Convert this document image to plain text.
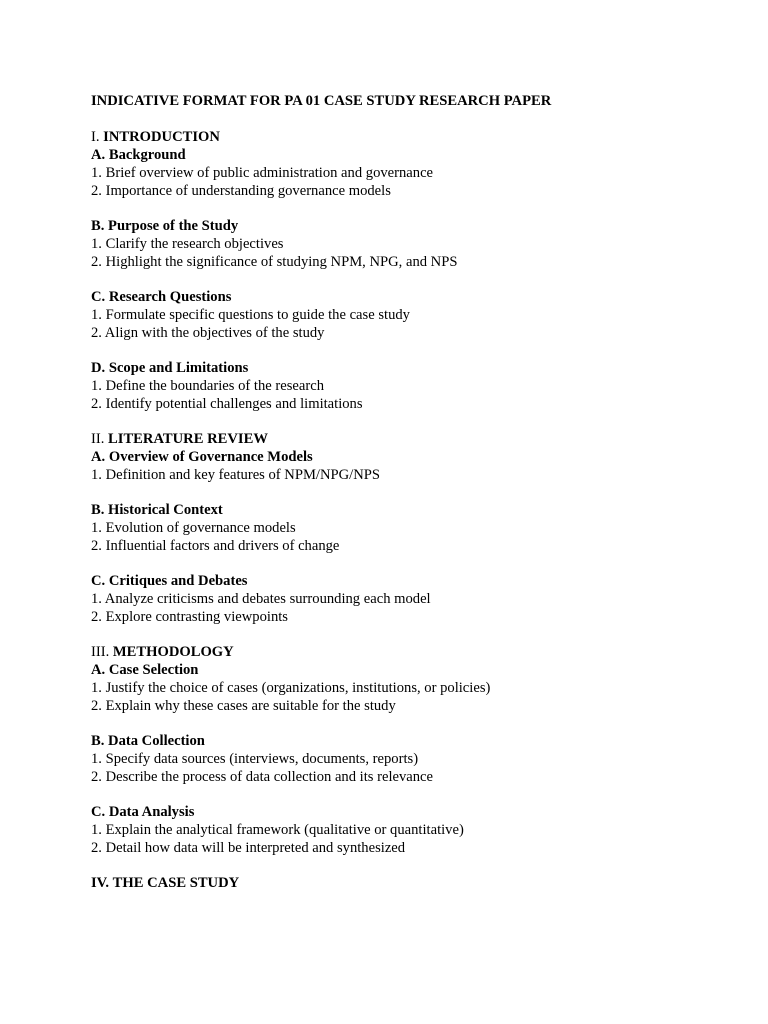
INDICATIVE FORMAT FOR PA 01 CASE STUDY RESEARCH PAPER
I. INTRODUCTION
A. Background
1. Brief overview of public administration and governance
2. Importance of understanding governance models
B. Purpose of the Study
1. Clarify the research objectives
2. Highlight the significance of studying NPM, NPG, and NPS
C. Research Questions
1. Formulate specific questions to guide the case study
2. Align with the objectives of the study
D. Scope and Limitations
1. Define the boundaries of the research
2. Identify potential challenges and limitations
II. LITERATURE REVIEW
A. Overview of Governance Models
1. Definition and key features of NPM/NPG/NPS
B. Historical Context
1. Evolution of governance models
2. Influential factors and drivers of change
C. Critiques and Debates
1. Analyze criticisms and debates surrounding each model
2. Explore contrasting viewpoints
III. METHODOLOGY
A. Case Selection
1. Justify the choice of cases (organizations, institutions, or policies)
2. Explain why these cases are suitable for the study
B. Data Collection
1. Specify data sources (interviews, documents, reports)
2. Describe the process of data collection and its relevance
C. Data Analysis
1. Explain the analytical framework (qualitative or quantitative)
2. Detail how data will be interpreted and synthesized
IV. THE CASE STUDY
